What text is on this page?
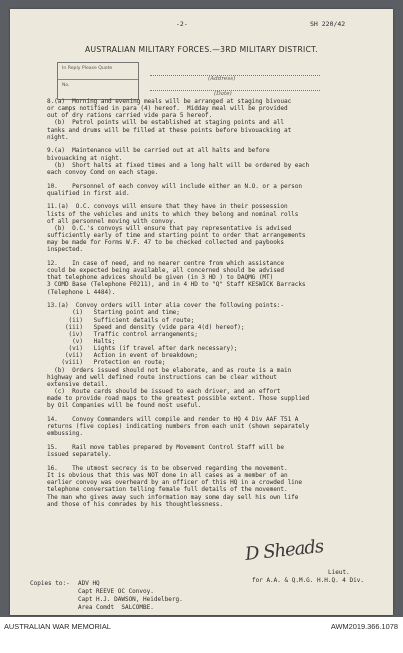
-2-	SH 220/42
AUSTRALIAN MILITARY FORCES.—3RD MILITARY DISTRICT.
In Reply Please Quote
No.
(Address)
(Date)
8.(a)  Morning and evening meals will be arranged at staging bivouac
or camps notified in para (4) hereof.  Midday meal will be provided
out of dry rations carried vide para 5 hereof.
(b)  Petrol points will be established at staging points and all
tanks and drums will be filled at these points before bivouacking at
night.
9.(a)  Maintenance will be carried out at all halts and before
bivouacking at night.
(b)  Short halts at fixed times and a long halt will be ordered by each
each convoy Comd on each stage.
10.    Personnel of each convoy will include either an N.O. or a person
qualified in first aid.
11.(a)  O.C. convoys will ensure that they have in their possession
lists of the vehicles and units to which they belong and nominal rolls
of all personnel moving with convoy.
(b)  O.C.'s convoys will ensure that pay representative is advised
sufficiently early of time and starting point to order that arrangements
may be made for Forms W.F. 47 to be checked collected and paybooks
inspected.
12.    In case of need, and no nearer centre from which assistance
could be expected being available, all concerned should be advised
that telephone advices should be given (in 3 HD ) to DAQMG (MT)
3 COMD Base (Telephone F0211), and in 4 HD to "Q" Staff KESWICK Barracks
(Telephone L 4484).
13.(a)  Convoy orders will inter alia cover the following points:-
(i)   Starting point and time;
(ii)   Sufficient details of route;
(iii)   Speed and density (vide para 4(d) hereof);
(iv)   Traffic control arrangements;
(v)   Halts;
(vi)   Lights (if travel after dark necessary);
(vii)   Action in event of breakdown;
(viii)   Protection en route;
(b)  Orders issued should not be elaborate, and as route is a main
highway and well defined route instructions can be clear without
extensive detail.
(c)  Route cards should be issued to each driver, and an effort
made to provide road maps to the greatest possible extent. Those supplied
by Oil Companies will be found most useful.
14.    Convoy Commanders will compile and render to HQ 4 Div AAF T51 A
returns (five copies) indicating numbers from each unit (shown separately
embussing.
15.    Rail move tables prepared by Movement Control Staff will be
issued separately.
16.    The utmost secrecy is to be observed regarding the movement.
It is obvious that this was NOT done in all cases as a member of an
earlier convoy was overheard by an officer of this HQ in a crowded line
telephone conversation telling female full details of the movement.
The man who gives away such information may some day sell his own life
and those of his comrades by his thoughtlessness.
D Sheads
Lieut.
for A.A. & Q.M.G. H.H.Q. 4 Div.
Copies to:- ADV HQ
Capt REEVE OC Convoy.
Capt H.J. DAWSON, Heidelberg.
Area Comdt  SALCOMBE.
AUSTRALIAN WAR MEMORIAL	AWM2019.366.1078
